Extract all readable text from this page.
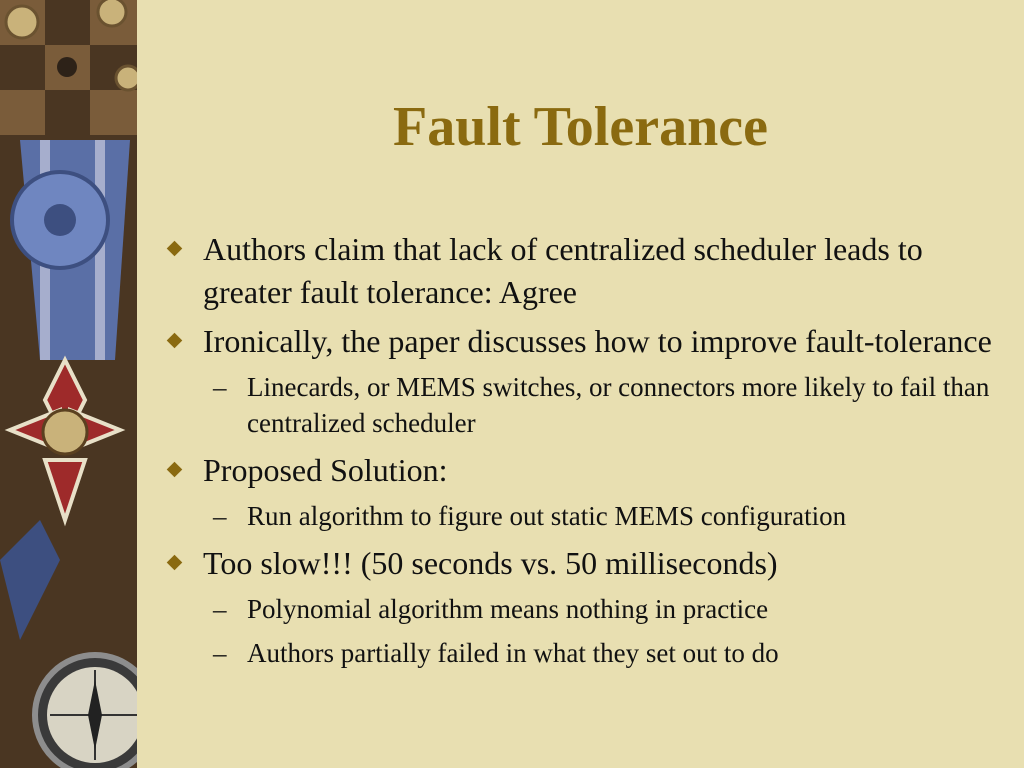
Fault Tolerance
Authors claim that lack of centralized scheduler leads to greater fault tolerance: Agree
Ironically, the paper discusses how to improve fault-tolerance
– Linecards, or MEMS switches, or connectors more likely to fail than centralized scheduler
Proposed Solution:
– Run algorithm to figure out static MEMS configuration
Too slow!!! (50 seconds vs. 50 milliseconds)
– Polynomial algorithm means nothing in practice
– Authors partially failed in what they set out to do
